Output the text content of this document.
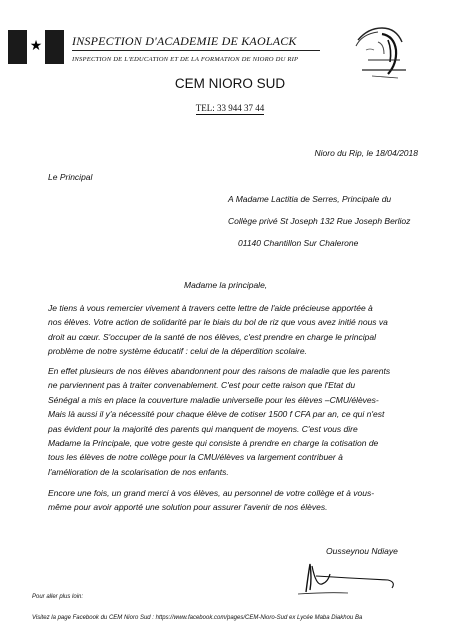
★ INSPECTION D'ACADEMIE DE KAOLACK
INSPECTION DE L'EDUCATION ET DE LA FORMATION DE NIORO DU RIP
CEM NIORO SUD
TEL: 33 944 37 44
Nioro du Rip, le 18/04/2018
Le Principal
A Madame Lactitia de Serres, Principale du
Collège privé St Joseph 132 Rue Joseph Berlioz
01140 Chantillon Sur Chalerone
Madame la principale,
Je tiens à vous remercier vivement à travers cette lettre de l'aide précieuse apportée à
nos élèves. Votre action de solidarité par le biais du bol de riz que vous avez initié nous va
droit au cœur. S'occuper de la santé de nos élèves, c'est prendre en charge le principal
problème de notre système éducatif : celui de la déperdition scolaire.
En effet plusieurs de nos élèves abandonnent pour des raisons de maladie que les parents
ne parviennent pas à traiter convenablement. C'est pour cette raison que l'Etat du
Sénégal a mis en place la couverture maladie universelle pour les élèves –CMU/élèves-
Mais là aussi il y'a nécessité pour chaque élève de cotiser 1500 f CFA par an, ce qui n'est
pas évident pour la majorité des parents qui manquent de moyens. C'est vous dire
Madame la Principale, que votre geste qui consiste à prendre en charge la cotisation de
tous les élèves de notre collège pour la CMU/élèves va largement contribuer à
l'amélioration de la scolarisation de nos enfants.
Encore une fois, un grand merci à vos élèves, au personnel de votre collège et à vous-
même pour avoir apporté une solution pour assurer l'avenir de nos élèves.
Ousseynou Ndiaye
Pour aller plus loin:
Visitez la page Facebook du CEM Nioro Sud : https://www.facebook.com/pages/CEM-Nioro-Sud ex Lycée Maba Diakhou Ba
